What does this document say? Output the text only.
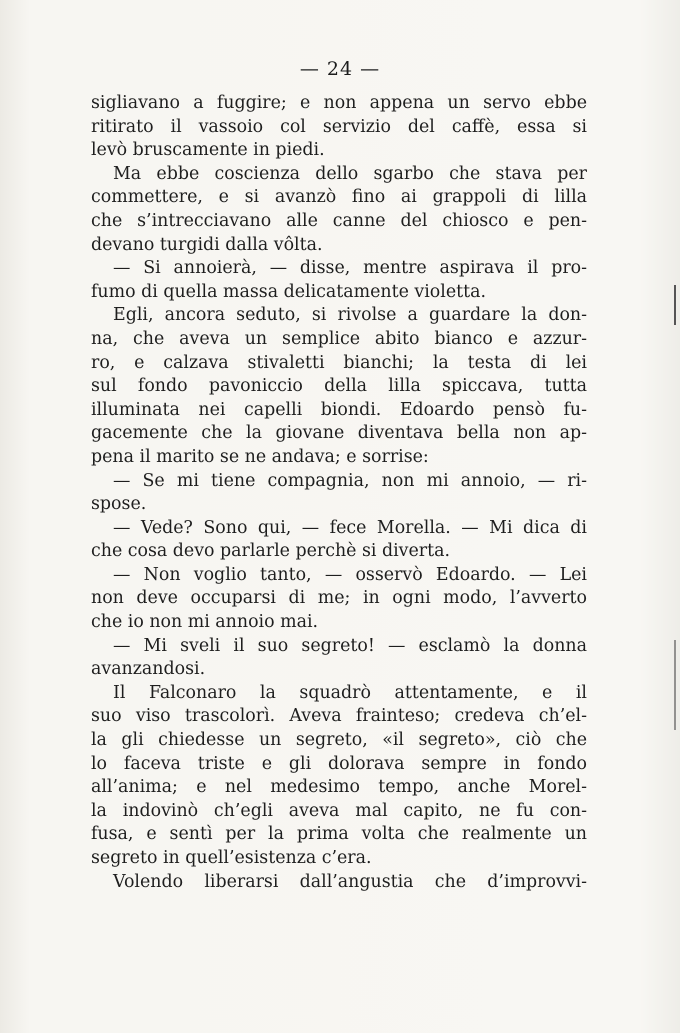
— 24 —
sigliavano a fuggire; e non appena un servo ebbe
ritirato il vassoio col servizio del caffè, essa si
levò bruscamente in piedi.
Ma ebbe coscienza dello sgarbo che stava per
commettere, e si avanzò fino ai grappoli di lilla
che s’intrecciavano alle canne del chiosco e pen-
devano turgidi dalla vôlta.
— Si annoierà, — disse, mentre aspirava il pro-
fumo di quella massa delicatamente violetta.
Egli, ancora seduto, si rivolse a guardare la don-
na, che aveva un semplice abito bianco e azzur-
ro, e calzava stivaletti bianchi; la testa di lei
sul fondo pavoniccio della lilla spiccava, tutta
illuminata nei capelli biondi. Edoardo pensò fu-
gacemente che la giovane diventava bella non ap-
pena il marito se ne andava; e sorrise:
— Se mi tiene compagnia, non mi annoio, — ri-
spose.
— Vede? Sono qui, — fece Morella. — Mi dica di
che cosa devo parlarle perchè si diverta.
— Non voglio tanto, — osservò Edoardo. — Lei
non deve occuparsi di me; in ogni modo, l’avverto
che io non mi annoio mai.
— Mi sveli il suo segreto! — esclamò la donna
avanzandosi.
Il Falconaro la squadrò attentamente, e il
suo viso trascolorì. Aveva frainteso; credeva ch’el-
la gli chiedesse un segreto, «il segreto», ciò che
lo faceva triste e gli dolorava sempre in fondo
all’anima; e nel medesimo tempo, anche Morel-
la indovinò ch’egli aveva mal capito, ne fu con-
fusa, e sentì per la prima volta che realmente un
segreto in quell’esistenza c’era.
Volendo liberarsi dall’angustia che d’improvvi-
